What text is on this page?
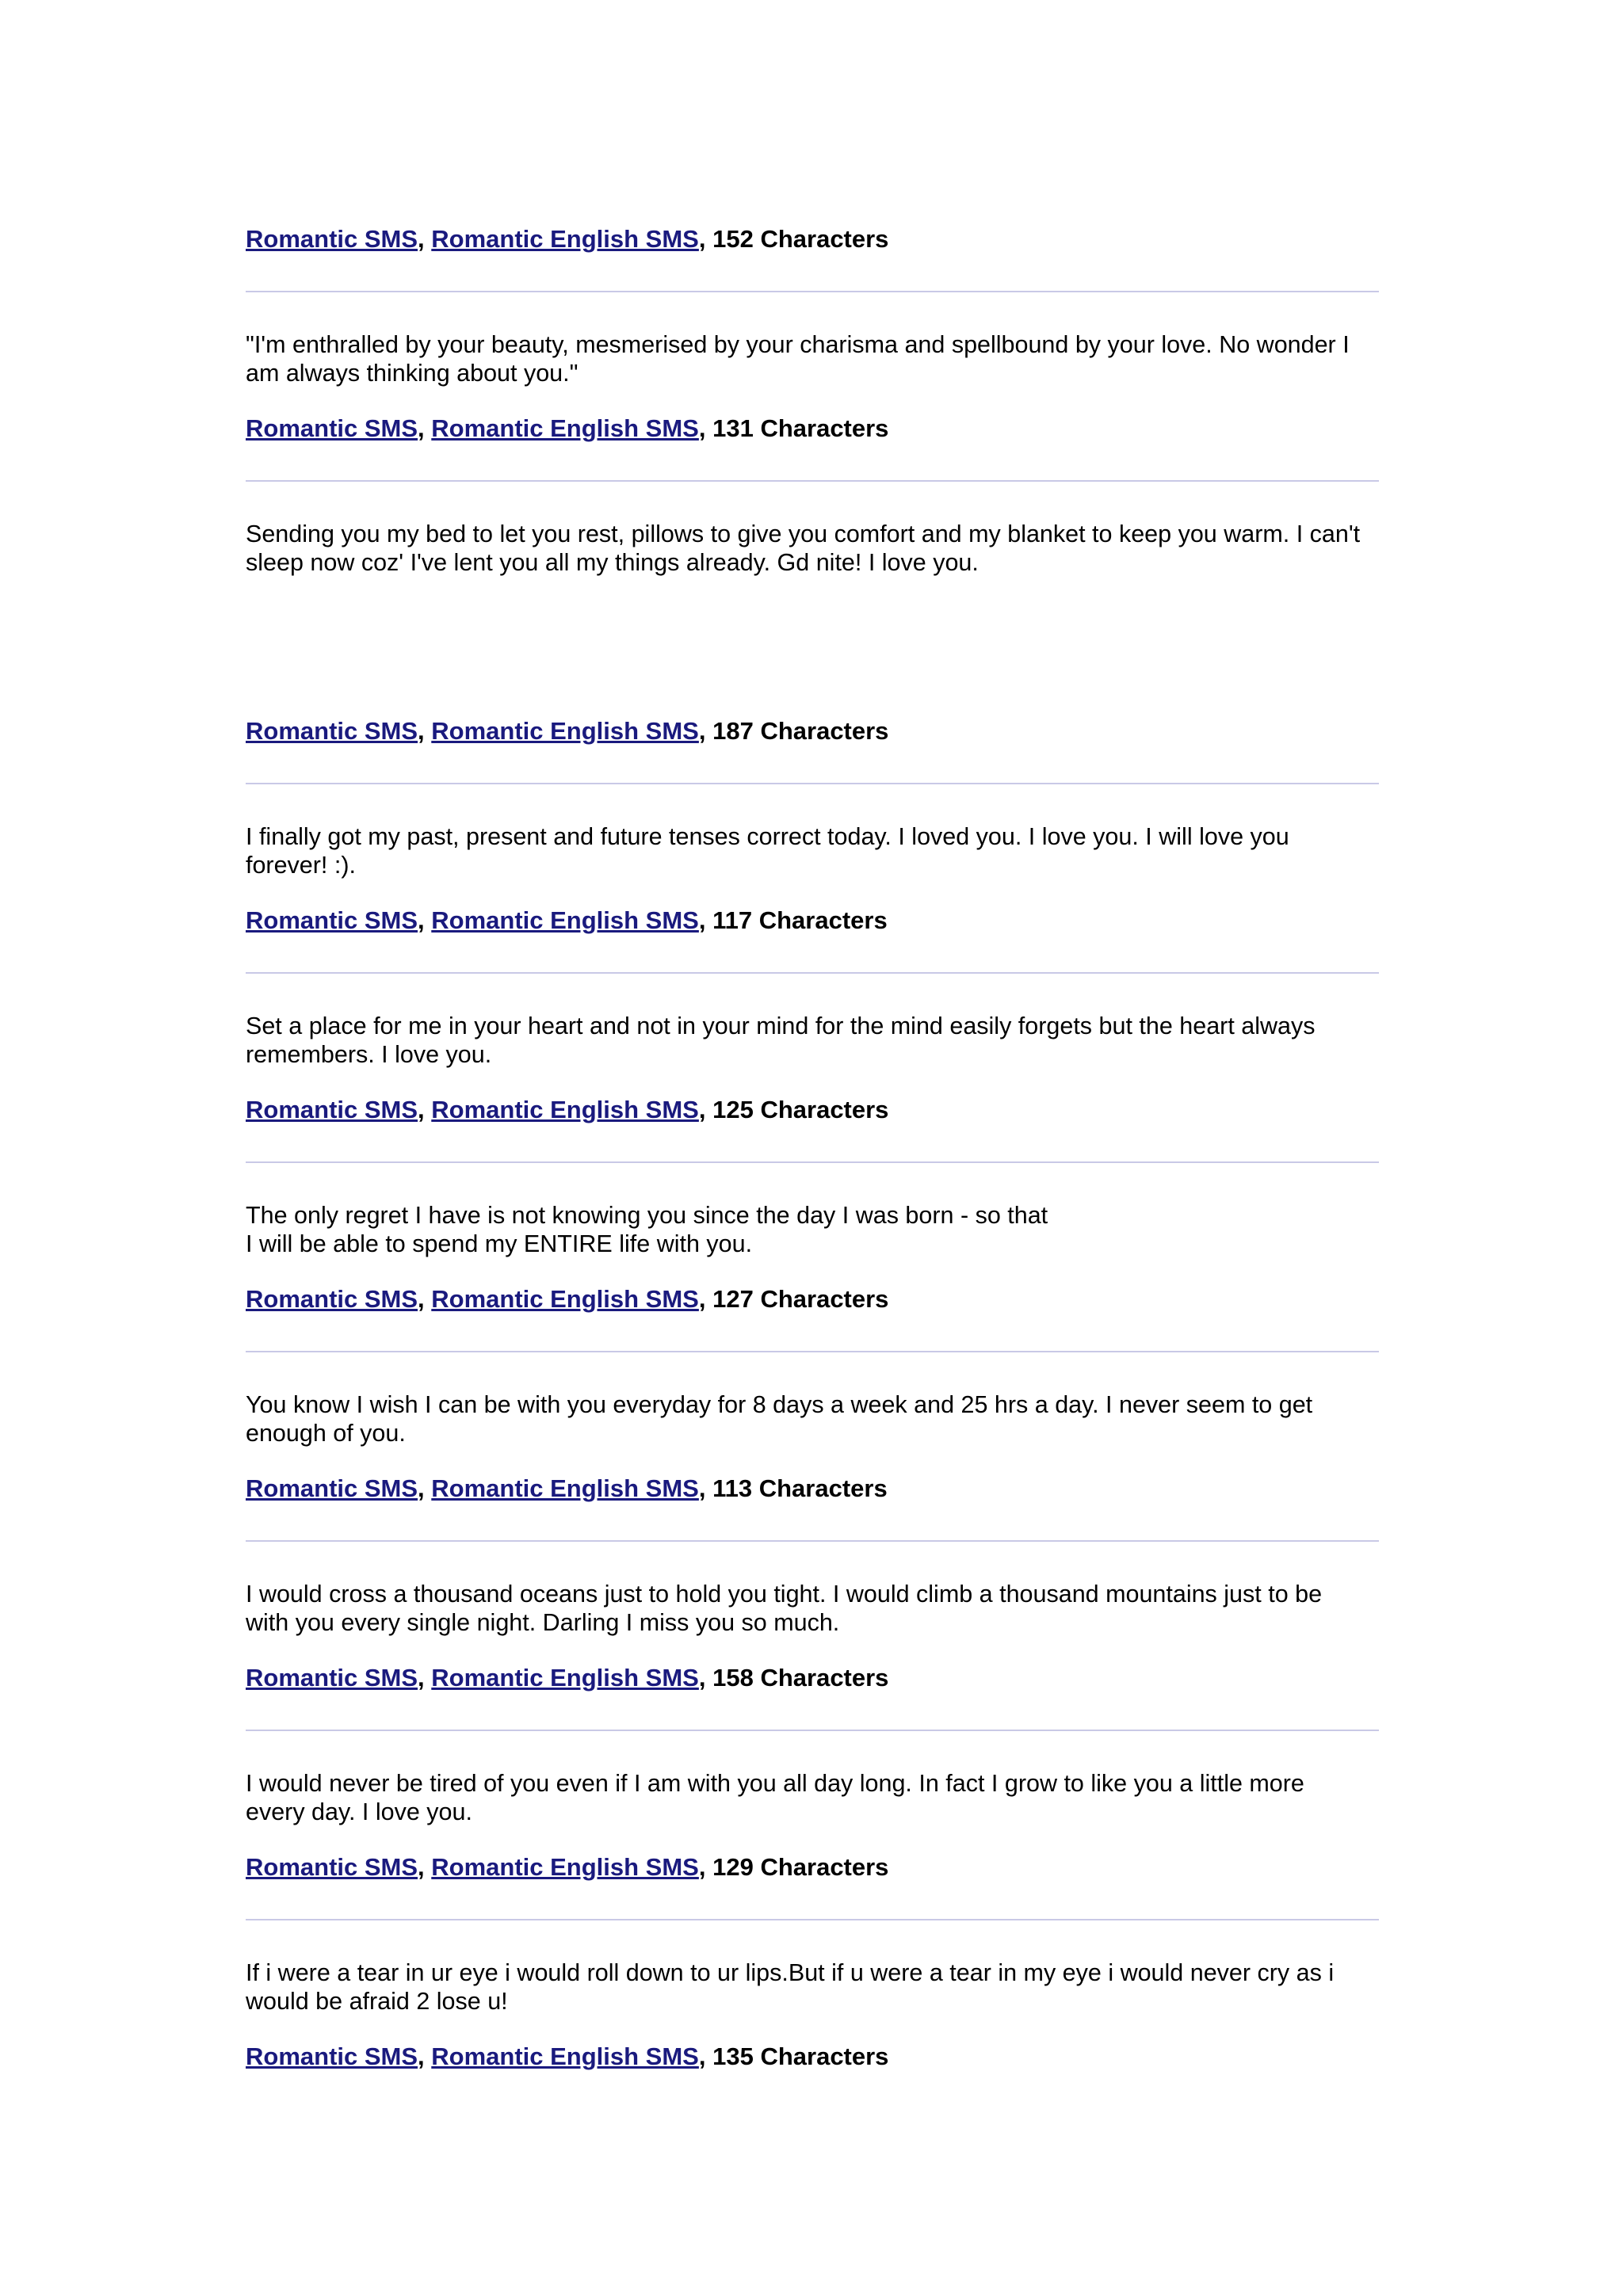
Romantic SMS, Romantic English SMS, 152 Characters
"I'm enthralled by your beauty, mesmerised by your charisma and spellbound by your love. No wonder I
am always thinking about you."
Romantic SMS, Romantic English SMS, 131 Characters
Sending you my bed to let you rest, pillows to give you comfort and my blanket to keep you warm. I can't
sleep now coz' I've lent you all my things already. Gd nite! I love you.
Romantic SMS, Romantic English SMS, 187 Characters
I finally got my past, present and future tenses correct today. I loved you. I love you. I will love you
forever! :).
Romantic SMS, Romantic English SMS, 117 Characters
Set a place for me in your heart and not in your mind for the mind easily forgets but the heart always
remembers. I love you.
Romantic SMS, Romantic English SMS, 125 Characters
The only regret I have is not knowing you since the day I was born - so that
I will be able to spend my ENTIRE life with you.
Romantic SMS, Romantic English SMS, 127 Characters
You know I wish I can be with you everyday for 8 days a week and 25 hrs a day. I never seem to get
enough of you.
Romantic SMS, Romantic English SMS, 113 Characters
I would cross a thousand oceans just to hold you tight. I would climb a thousand mountains just to be
with you every single night. Darling I miss you so much.
Romantic SMS, Romantic English SMS, 158 Characters
I would never be tired of you even if I am with you all day long. In fact I grow to like you a little more
every day. I love you.
Romantic SMS, Romantic English SMS, 129 Characters
If i were a tear in ur eye i would roll down to ur lips.But if u were a tear in my eye i would never cry as i
would be afraid 2 lose u!
Romantic SMS, Romantic English SMS, 135 Characters
